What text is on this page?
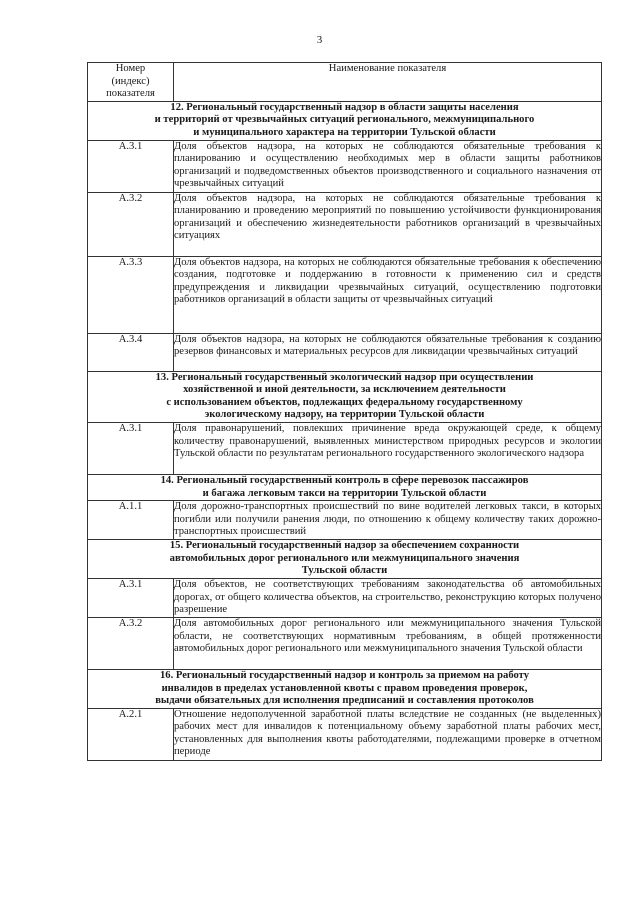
3
Номер
(индекс)
показателя	Наименование показателя

12. Региональный государственный надзор в области защиты населения
и территорий от чрезвычайных ситуаций регионального, межмуниципального
и муниципального характера на территории Тульской области	

А.3.1	Доля объектов надзора, на которых не соблюдаются обязательные требования к планированию и осуществлению необходимых мер в области защиты работников организаций и подведомственных объектов производственного и социального назначения от чрезвычайных ситуаций
А.3.2	Доля объектов надзора, на которых не соблюдаются обязательные требования к планированию и проведению мероприятий по повышению устойчивости функционирования организаций и обеспечению жизнедеятельности работников организаций в чрезвычайных ситуациях
А.3.3	Доля объектов надзора, на которых не соблюдаются обязательные требования к обеспечению создания, подготовке и поддержанию в готовности к применению сил и средств предупреждения и ликвидации чрезвычайных ситуаций, осуществлению подготовки работников организаций в области защиты от чрезвычайных ситуаций
А.3.4	Доля объектов надзора, на которых не соблюдаются обязательные требования к созданию резервов финансовых и материальных ресурсов для ликвидации чрезвычайных ситуаций

13. Региональный государственный экологический надзор при осуществлении
хозяйственной и иной деятельности, за исключением деятельности
с использованием объектов, подлежащих федеральному государственному
экологическому надзору, на территории Тульской области	

А.3.1	Доля правонарушений, повлекших причинение вреда окружающей среде, к общему количеству правонарушений, выявленных министерством природных ресурсов и экологии Тульской области по результатам регионального государственного экологического надзора

14. Региональный государственный контроль в сфере перевозок пассажиров
и багажа легковым такси на территории Тульской области	

А.1.1	Доля дорожно-транспортных происшествий по вине водителей легковых такси, в которых погибли или получили ранения люди, по отношению к общему количеству таких дорожно-транспортных происшествий

15. Региональный государственный надзор за обеспечением сохранности
автомобильных дорог регионального или межмуниципального значения
Тульской области	

А.3.1	Доля объектов, не соответствующих требованиям законодательства об автомобильных дорогах, от общего количества объектов, на строительство, реконструкцию которых получено разрешение
А.3.2	Доля автомобильных дорог регионального или межмуниципального значения Тульской области, не соответствующих нормативным требованиям, в общей протяженности автомобильных дорог регионального или межмуниципального значения Тульской области

16. Региональный государственный надзор и контроль за приемом на работу
инвалидов в пределах установленной квоты с правом проведения проверок,
выдачи обязательных для исполнения предписаний и составления протоколов	

А.2.1	Отношение недополученной заработной платы вследствие не созданных (не выделенных) рабочих мест для инвалидов к потенциальному объему заработной платы рабочих мест, установленных для выполнения квоты работодателями, подлежащими проверке в отчетном периоде
